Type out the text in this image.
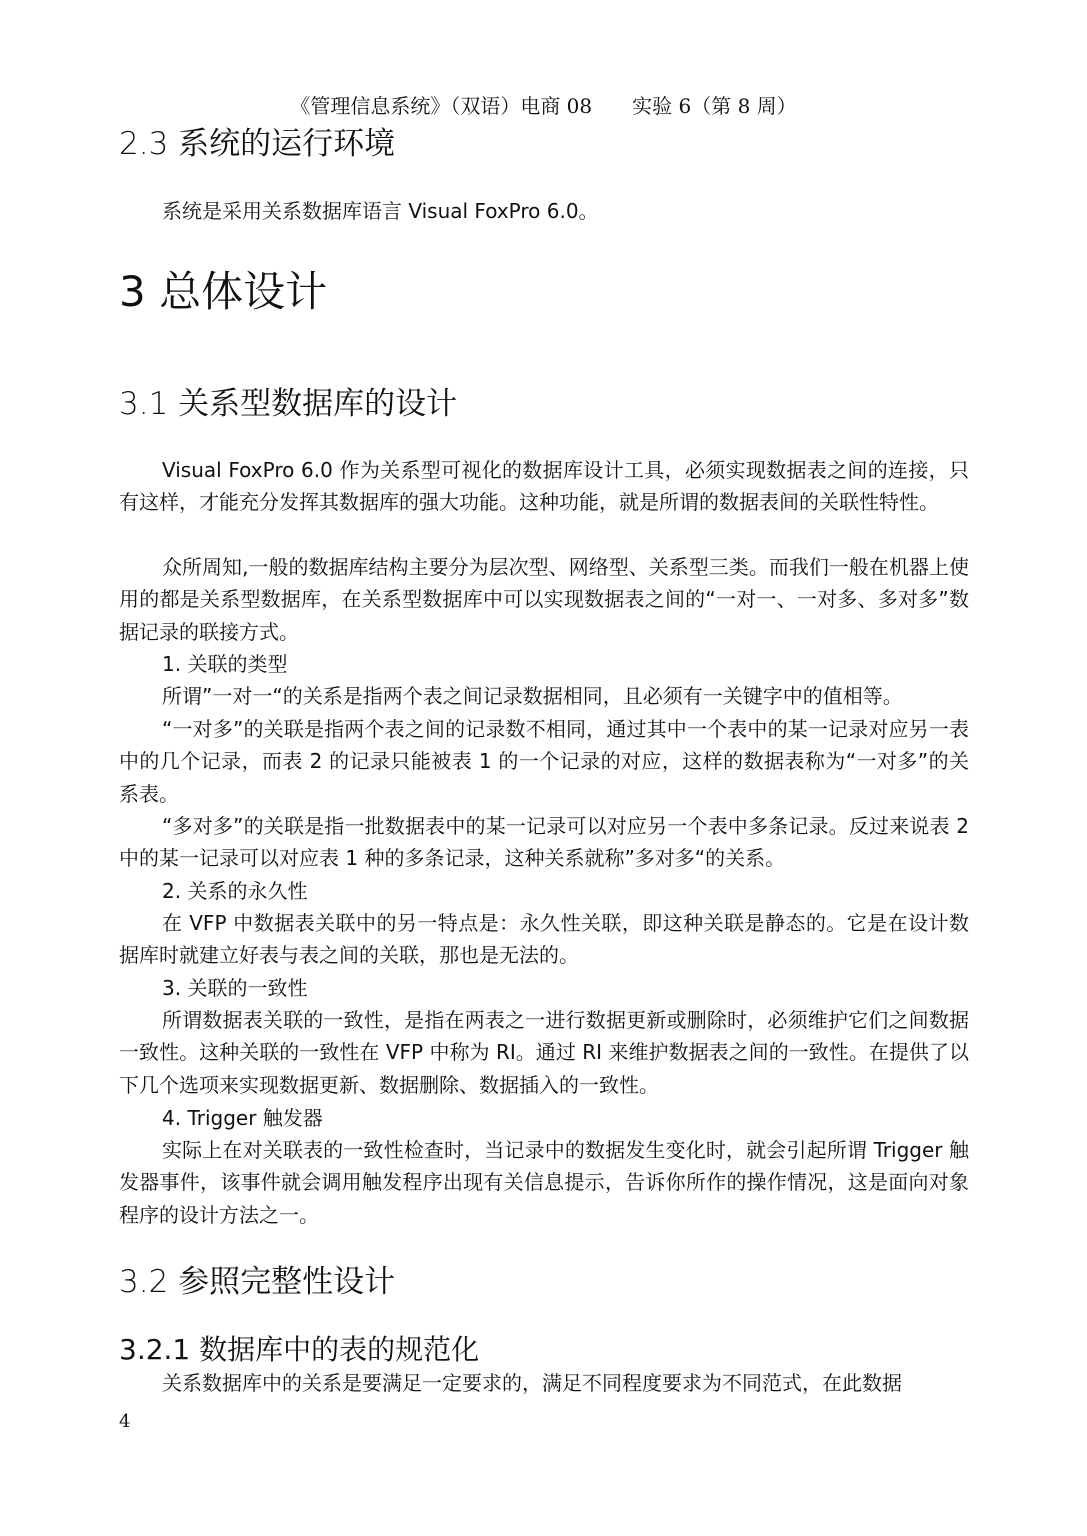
《管理信息系统》（双语）电商 08 实验 6（第 8 周）
2.3 系统的运行环境

系统是采用关系数据库语言 Visual FoxPro 6.0。

3 总体设计
3.1 关系型数据库的设计

Visual FoxPro 6.0 作为关系型可视化的数据库设计工具，必须实现数据表之间的连接，只有这样，才能充分发挥其数据库的强大功能。这种功能，就是所谓的数据表间的关联性特性。

众所周知,一般的数据库结构主要分为层次型、网络型、关系型三类。而我们一般在机器上使用的都是关系型数据库，在关系型数据库中可以实现数据表之间的“一对一、一对多、多对多”数据记录的联接方式。

1. 关联的类型

所谓”一对一“的关系是指两个表之间记录数据相同，且必须有一关键字中的值相等。

“一对多”的关联是指两个表之间的记录数不相同，通过其中一个表中的某一记录对应另一表中的几个记录，而表 2 的记录只能被表 1 的一个记录的对应，这样的数据表称为“一对多”的关系表。

“多对多”的关联是指一批数据表中的某一记录可以对应另一个表中多条记录。反过来说表 2 中的某一记录可以对应表 1 种的多条记录，这种关系就称”多对多“的关系。

2. 关系的永久性

在 VFP 中数据表关联中的另一特点是：永久性关联，即这种关联是静态的。它是在设计数据库时就建立好表与表之间的关联，那也是无法的。

3. 关联的一致性

所谓数据表关联的一致性，是指在两表之一进行数据更新或删除时，必须维护它们之间数据一致性。这种关联的一致性在 VFP 中称为 RI。通过 RI 来维护数据表之间的一致性。在提供了以下几个选项来实现数据更新、数据删除、数据插入的一致性。

4. Trigger 触发器

实际上在对关联表的一致性检查时，当记录中的数据发生变化时，就会引起所谓 Trigger 触发器事件，该事件就会调用触发程序出现有关信息提示，告诉你所作的操作情况，这是面向对象程序的设计方法之一。

3.2 参照完整性设计
3.2.1 数据库中的表的规范化

关系数据库中的关系是要满足一定要求的，满足不同程度要求为不同范式，在此数据

4
